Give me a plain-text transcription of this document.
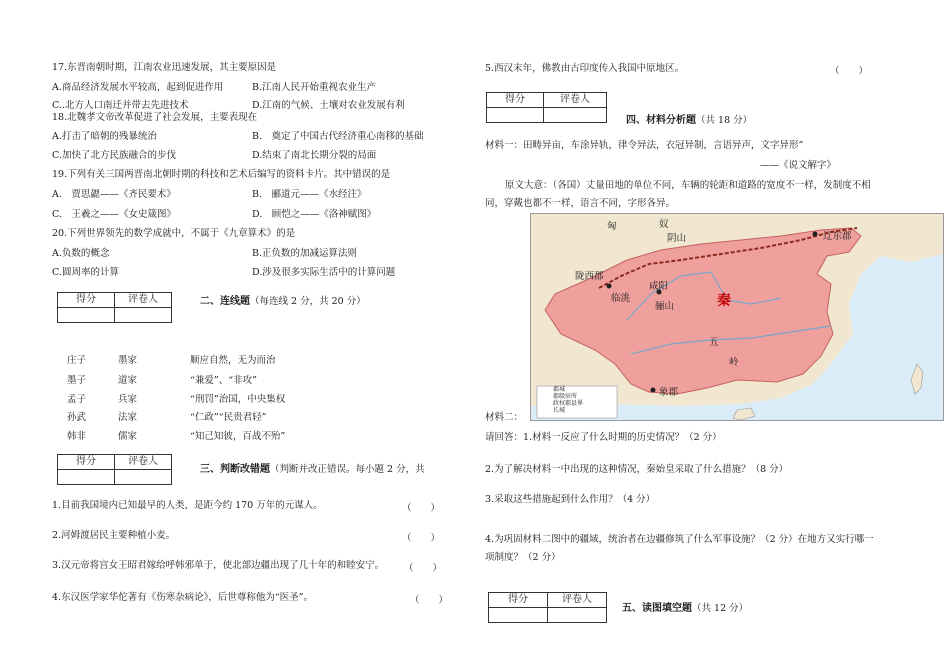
17.东晋南朝时期，江南农业迅速发展，其主要原因是
A.商品经济发展水平较高，起到促进作用	B.江南人民开始重视农业生产
C..北方人口南迁并带去先进技术	D.江南的气候、土壤对农业发展有利
18.北魏孝文帝改革促进了社会发展，主要表现在
A.打击了暗朝的残暴统治	B.　奠定了中国古代经济重心南移的基础
C.加快了北方民族融合的步伐	D.结束了南北长期分裂的局面
19.下列有关三国两晋南北朝时期的科技和艺术后编写的资料卡片。其中错误的是
A.　贾思勰——《齐民要术》	B.　郦道元——《水经注》
C.　王羲之——《女史箴图》	D.　顾恺之——《洛神赋图》
20.下列世界领先的数学成就中，不属于《九章算术》的是
A.负数的概念	B.正负数的加减运算法则
C.圆周率的计算	D.涉及很多实际生活中的计算问题
得分	评卷人
		二、连线题（每连线 2 分，共 20 分）
庄子	墨家	顺应自然，无为而治
墨子	道家	“兼爱”、“非攻”
孟子	兵家	“刑罚”治国，中央集权
孙武	法家	“仁政”“民贵君轻”
韩非	儒家	“知己知彼，百战不殆”
得分	评卷人

三、判断改错题（判断并改正错误。每小题 2 分，共
1.目前我国境内已知最早的人类，是距今约 170 万年的元谋人。	（　　）
2.河姆渡居民主要种植小麦。	（　　）
3.汉元帝将宫女王昭君嫁给呼韩邪单于，使北部边疆出现了几十年的和睦安宁。 （　　）
4.东汉医学家华佗著有《伤寒杂病论》，后世尊称他为“医圣”。	（　　）
5.西汉末年，佛教由古印度传入我国中原地区。	（　　）
得分	评卷人

四、材料分析题（共 18 分）
材料一：田畴异亩，车涂异轨，律令异法，衣冠异制，言语异声，文字异形”
——《说文解字》
原文大意：（各国）丈量田地的单位不同，车辆的轮距和道路的宽度不一样，发制度不相
同，穿戴也都不一样，语言不同，字形各异。
匈	奴
阴山	辽东郡
陇西郡
咸阳
临洮
骊山	秦
五
岭
象郡
郡城
郡级驻所
政权郡县界
长城
材料二：
请回答：1.材料一反应了什么时期的历史情况？（2 分）
2.为了解决材料一中出现的这种情况，秦始皇采取了什么措施？（8 分）
3.采取这些措施起到什么作用？（4 分）
4.为巩固材料二图中的疆域，统治者在边疆修筑了什么军事设施？（2 分）在地方又实行哪一
项制度？（2 分）
得分	评卷人

五、读图填空题（共 12 分）
